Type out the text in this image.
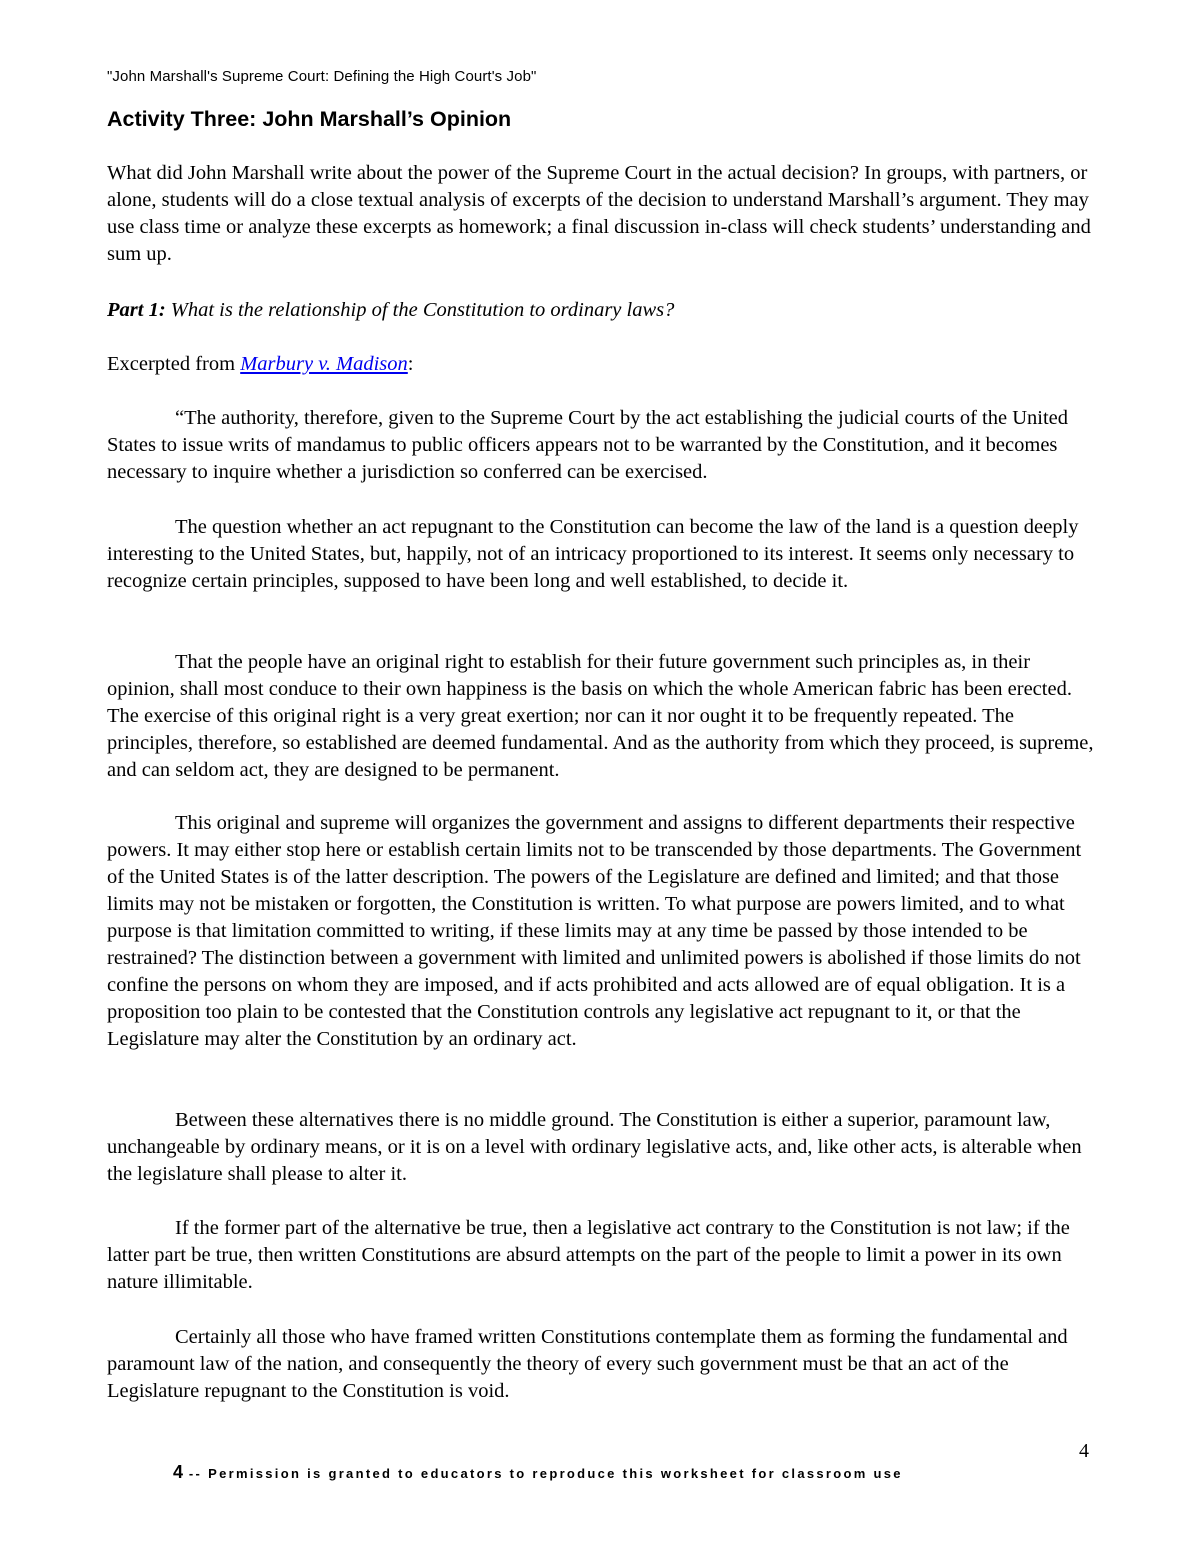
"John Marshall's Supreme Court: Defining the High Court's Job"
Activity Three: John Marshall’s Opinion

What did John Marshall write about the power of the Supreme Court in the actual decision? In groups, with partners, or alone, students will do a close textual analysis of excerpts of the decision to understand Marshall’s argument. They may use class time or analyze these excerpts as homework; a final discussion in-class will check students’ understanding and sum up.

Part 1: What is the relationship of the Constitution to ordinary laws?

Excerpted from Marbury v. Madison:

“The authority, therefore, given to the Supreme Court by the act establishing the judicial courts of the United States to issue writs of mandamus to public officers appears not to be warranted by the Constitution, and it becomes necessary to inquire whether a jurisdiction so conferred can be exercised.

The question whether an act repugnant to the Constitution can become the law of the land is a question deeply interesting to the United States, but, happily, not of an intricacy proportioned to its interest. It seems only necessary to recognize certain principles, supposed to have been long and well established, to decide it.

That the people have an original right to establish for their future government such principles as, in their opinion, shall most conduce to their own happiness is the basis on which the whole American fabric has been erected. The exercise of this original right is a very great exertion; nor can it nor ought it to be frequently repeated. The principles, therefore, so established are deemed fundamental. And as the authority from which they proceed, is supreme, and can seldom act, they are designed to be permanent.

This original and supreme will organizes the government and assigns to different departments their respective powers. It may either stop here or establish certain limits not to be transcended by those departments. The Government of the United States is of the latter description. The powers of the Legislature are defined and limited; and that those limits may not be mistaken or forgotten, the Constitution is written. To what purpose are powers limited, and to what purpose is that limitation committed to writing, if these limits may at any time be passed by those intended to be restrained? The distinction between a government with limited and unlimited powers is abolished if those limits do not confine the persons on whom they are imposed, and if acts prohibited and acts allowed are of equal obligation. It is a proposition too plain to be contested that the Constitution controls any legislative act repugnant to it, or that the Legislature may alter the Constitution by an ordinary act.

Between these alternatives there is no middle ground. The Constitution is either a superior, paramount law, unchangeable by ordinary means, or it is on a level with ordinary legislative acts, and, like other acts, is alterable when the legislature shall please to alter it.

If the former part of the alternative be true, then a legislative act contrary to the Constitution is not law; if the latter part be true, then written Constitutions are absurd attempts on the part of the people to limit a power in its own nature illimitable.

Certainly all those who have framed written Constitutions contemplate them as forming the fundamental and paramount law of the nation, and consequently the theory of every such government must be that an act of the Legislature repugnant to the Constitution is void.

4 -- Permission is granted to educators to reproduce this worksheet for classroom use
4
